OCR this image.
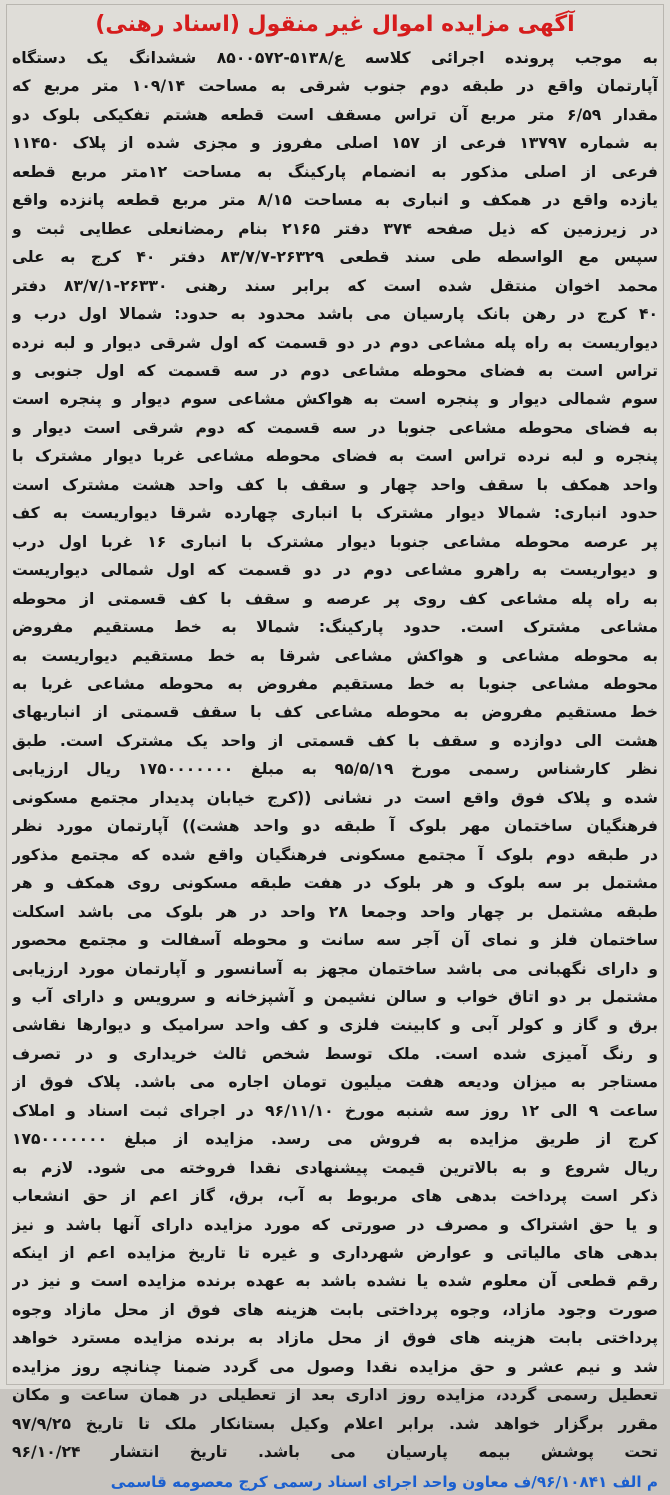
آگهی مزایده اموال غیر منقول (اسناد رهنی)
به موجب پرونده اجرائی کلاسه ع/۵۱۳۸-۸۵۰۰۵۷۲ ششدانگ یک دستگاه
آپارتمان واقع در طبقه دوم جنوب شرقی به مساحت ۱۰۹/۱۴ متر مربع که
مقدار ۶/۵۹ متر مربع آن تراس مسقف است قطعه هشتم تفکیکی بلوک دو
به شماره ۱۳۷۹۷ فرعی از ۱۵۷ اصلی مفروز و مجزی شده از پلاک ۱۱۴۵۰
فرعی از اصلی مذکور به انضمام پارکینگ به مساحت ۱۲متر مربع قطعه
یازده واقع در همکف و انباری به مساحت ۸/۱۵ متر مربع قطعه پانزده واقع
در زیرزمین که ذیل صفحه ۳۷۴ دفتر ۲۱۶۵ بنام رمضانعلی عطایی ثبت و
سپس مع الواسطه طی سند قطعی ۲۶۳۲۹-۸۳/۷/۷ دفتر ۴۰ کرج به علی
محمد اخوان منتقل شده است که برابر سند رهنی ۲۶۳۳۰-۸۳/۷/۱ دفتر
۴۰ کرج در رهن بانک پارسیان می باشد محدود به حدود: شمالا اول درب و
دیواریست به راه پله مشاعی دوم در دو قسمت که اول شرقی دیوار و لبه نرده
تراس است به فضای محوطه مشاعی دوم در سه قسمت که اول جنوبی و
سوم شمالی دیوار و پنجره است به هواکش مشاعی سوم دیوار و پنجره است
به فضای محوطه مشاعی جنوبا در سه قسمت که دوم شرقی است دیوار و
پنجره و لبه نرده تراس است به فضای محوطه مشاعی غربا دیوار مشترک با
واحد همکف با سقف واحد چهار و سقف با کف واحد هشت مشترک است
حدود انباری: شمالا دیوار مشترک با انباری چهارده شرقا دیواریست به کف
پر عرصه محوطه مشاعی جنوبا دیوار مشترک با انباری ۱۶ غربا اول درب
و دیواریست به راهرو مشاعی دوم در دو قسمت که اول شمالی دیواریست
به راه پله مشاعی کف روی پر عرصه و سقف با کف قسمتی از محوطه
مشاعی مشترک است. حدود پارکینگ: شمالا به خط مستقیم مفروض
به محوطه مشاعی و هواکش مشاعی شرقا به خط مستقیم دیواریست به
محوطه مشاعی جنوبا به خط مستقیم مفروض به محوطه مشاعی غربا به
خط مستقیم مفروض به محوطه مشاعی کف با سقف قسمتی از انباریهای
هشت الی دوازده و سقف با کف قسمتی از واحد یک مشترک است. طبق
نظر کارشناس رسمی مورخ ۹۵/۵/۱۹ به مبلغ ۱۷۵۰۰۰۰۰۰۰ ریال ارزیابی
شده و پلاک فوق واقع است در نشانی ((کرج خیابان پدیدار مجتمع مسکونی
فرهنگیان ساختمان مهر بلوک آ طبقه دو واحد هشت)) آپارتمان مورد نظر
در طبقه دوم بلوک آ مجتمع مسکونی فرهنگیان واقع شده که مجتمع مذکور
مشتمل بر سه بلوک و هر بلوک در هفت طبقه مسکونی روی همکف و هر
طبقه مشتمل بر چهار واحد وجمعا ۲۸ واحد در هر بلوک می باشد اسکلت
ساختمان فلز و نمای آن آجر سه سانت و محوطه آسفالت و مجتمع محصور
و دارای نگهبانی می باشد ساختمان مجهز به آسانسور و آپارتمان مورد ارزیابی
مشتمل بر دو اتاق خواب و سالن نشیمن و آشپزخانه و سرویس و دارای آب و
برق و گاز و کولر آبی و کابینت فلزی و کف واحد سرامیک و دیوارها نقاشی
و رنگ آمیزی شده است. ملک توسط شخص ثالث خریداری و در تصرف
مستاجر به میزان ودیعه هفت میلیون تومان اجاره می باشد. پلاک فوق از
ساعت ۹ الی ۱۲ روز سه شنبه مورخ ۹۶/۱۱/۱۰ در اجرای ثبت اسناد و املاک
کرج از طریق مزایده به فروش می رسد. مزایده از مبلغ ۱۷۵۰۰۰۰۰۰۰
ریال شروع و به بالاترین قیمت پیشنهادی نقدا فروخته می شود. لازم به
ذکر است پرداخت بدهی های مربوط به آب، برق، گاز اعم از حق انشعاب
و یا حق اشتراک و مصرف در صورتی که مورد مزایده دارای آنها باشد و نیز
بدهی های مالیاتی و عوارض شهرداری و غیره تا تاریخ مزایده اعم از اینکه
رقم قطعی آن معلوم شده یا نشده باشد به عهده برنده مزایده است و نیز در
صورت وجود مازاد، وجوه پرداختی بابت هزینه های فوق از محل مازاد وجوه
پرداختی بابت هزینه های فوق از محل مازاد به برنده مزایده مسترد خواهد
شد و نیم عشر و حق مزایده نقدا وصول می گردد ضمنا چنانچه روز مزایده
تعطیل رسمی گردد، مزایده روز اداری بعد از تعطیلی در همان ساعت و مکان
مقرر برگزار خواهد شد. برابر اعلام وکیل بستانکار ملک تا تاریخ ۹۷/۹/۲۵
تحت پوشش بیمه پارسیان می باشد. تاریخ انتشار ۹۶/۱۰/۲۴
م الف ۹۶/۱۰۸۴۱/ف معاون واحد اجرای اسناد رسمی کرج معصومه قاسمی
